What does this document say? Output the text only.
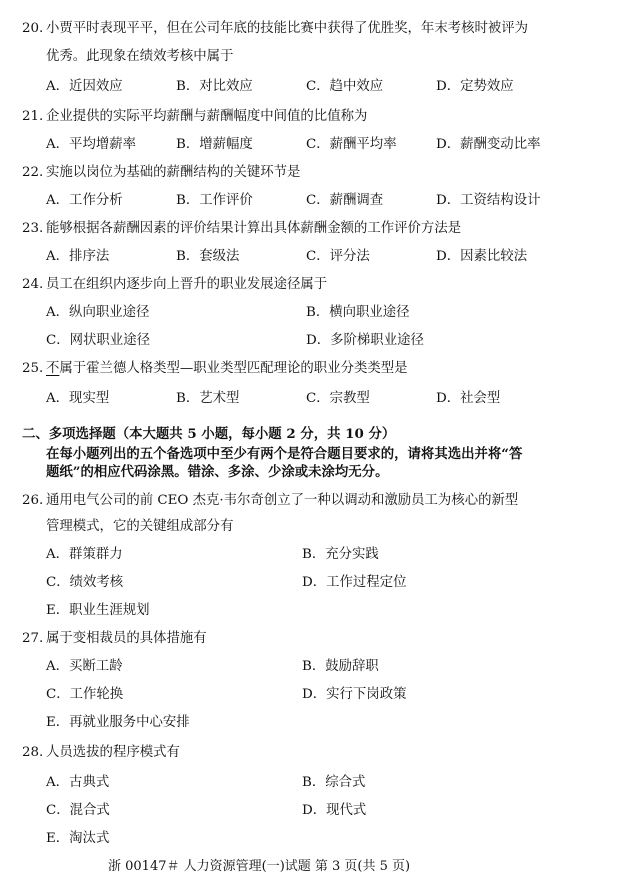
20. 小贾平时表现平平，但在公司年底的技能比赛中获得了优胜奖，年末考核时被评为
优秀。此现象在绩效考核中属于
A．近因效应	B．对比效应	C．趋中效应	D．定势效应
21. 企业提供的实际平均薪酬与薪酬幅度中间值的比值称为
A．平均增薪率	B．增薪幅度	C．薪酬平均率	D．薪酬变动比率
22. 实施以岗位为基础的薪酬结构的关键环节是
A．工作分析	B．工作评价	C．薪酬调查	D．工资结构设计
23. 能够根据各薪酬因素的评价结果计算出具体薪酬金额的工作评价方法是
A．排序法	B．套级法	C．评分法	D．因素比较法
24. 员工在组织内逐步向上晋升的职业发展途径属于
A．纵向职业途径	B．横向职业途径
C．网状职业途径	D．多阶梯职业途径
25. 不属于霍兰德人格类型—职业类型匹配理论的职业分类类型是
A．现实型	B．艺术型	C．宗教型	D．社会型
二、多项选择题（本大题共 5 小题，每小题 2 分，共 10 分）
在每小题列出的五个备选项中至少有两个是符合题目要求的，请将其选出并将“答
题纸”的相应代码涂黑。错涂、多涂、少涂或未涂均无分。
26. 通用电气公司的前 CEO 杰克·韦尔奇创立了一种以调动和激励员工为核心的新型
管理模式，它的关键组成部分有
A．群策群力	B．充分实践
C．绩效考核	D．工作过程定位
E．职业生涯规划
27. 属于变相裁员的具体措施有
A．买断工龄	B．鼓励辞职
C．工作轮换	D．实行下岗政策
E．再就业服务中心安排
28. 人员选拔的程序模式有
A．古典式	B．综合式
C．混合式	D．现代式
E．淘汰式
浙 00147＃ 人力资源管理(一)试题 第 3 页(共 5 页)
